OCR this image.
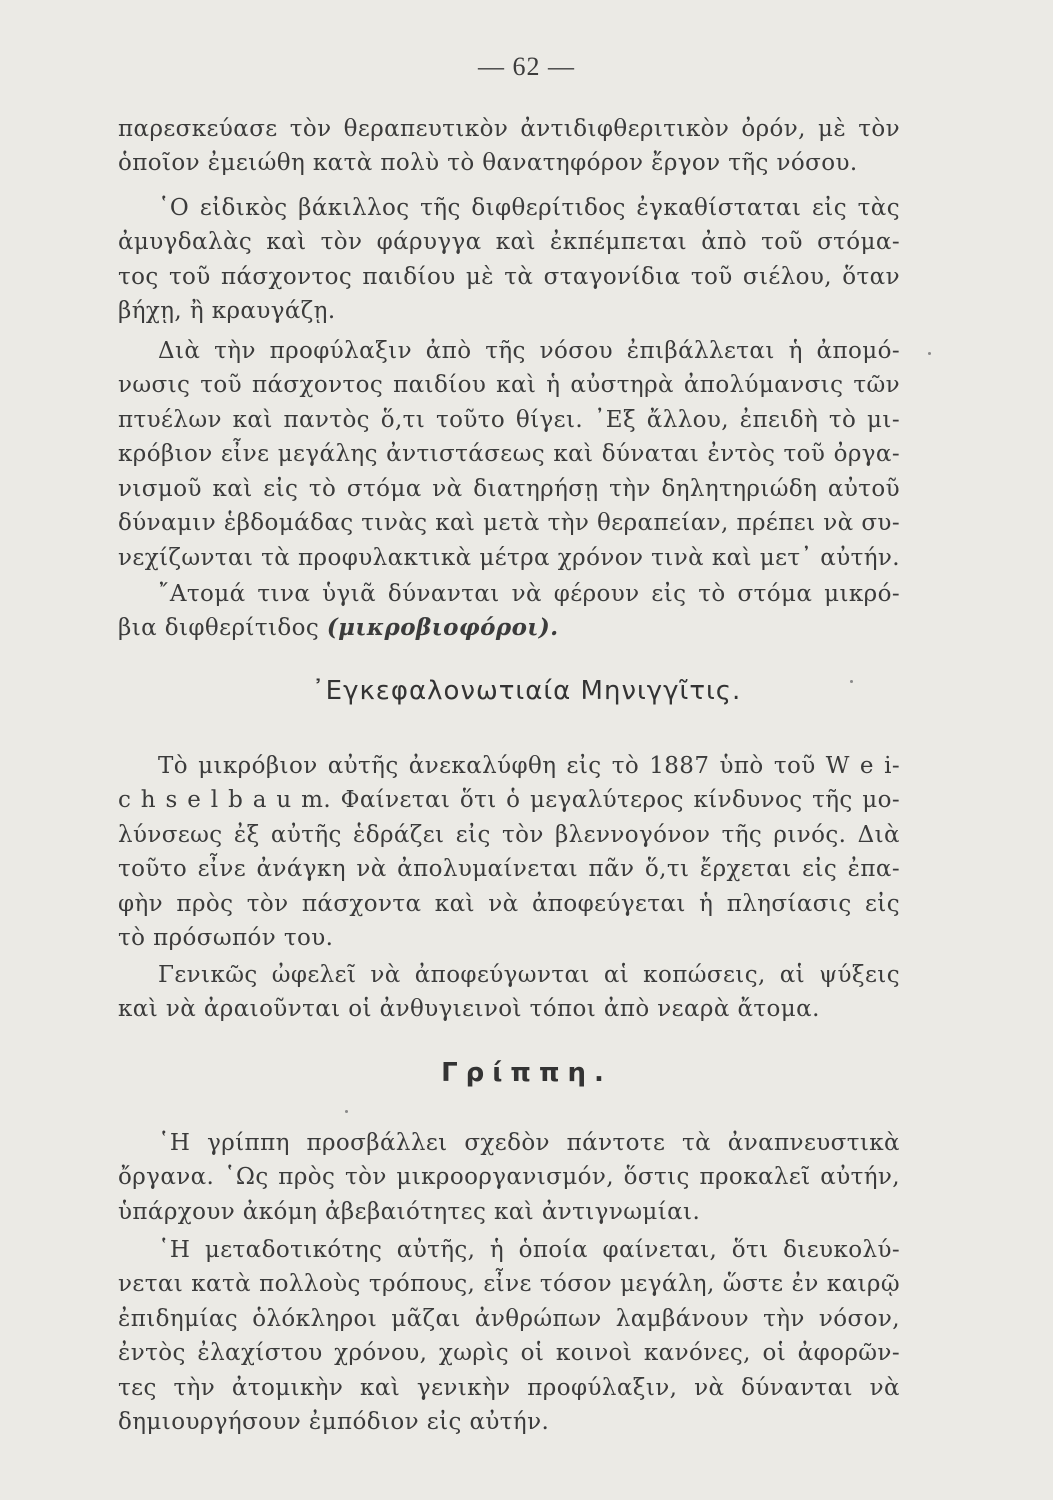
— 62 —
παρεσκεύασε τὸν θεραπευτικὸν ἀντιδιφθεριτικὸν ὀρόν, μὲ τὸν
ὁποῖον ἐμειώθη κατὰ πολὺ τὸ θανατηφόρον ἔργον τῆς νόσου.
῾Ο εἰδικὸς βάκιλλος τῆς διφθερίτιδος ἐγκαθίσταται εἰς τὰς
ἀμυγδαλὰς καὶ τὸν φάρυγγα καὶ ἐκπέμπεται ἀπὸ τοῦ στόμα-
τος τοῦ πάσχοντος παιδίου μὲ τὰ σταγονίδια τοῦ σιέλου, ὅταν
βήχῃ, ἢ κραυγάζῃ.
Διὰ τὴν προφύλαξιν ἀπὸ τῆς νόσου ἐπιβάλλεται ἡ ἀπομό-
νωσις τοῦ πάσχοντος παιδίου καὶ ἡ αὐστηρὰ ἀπολύμανσις τῶν
πτυέλων καὶ παντὸς ὅ,τι τοῦτο θίγει. ᾿Εξ ἄλλου, ἐπειδὴ τὸ μι-
κρόβιον εἶνε μεγάλης ἀντιστάσεως καὶ δύναται ἐντὸς τοῦ ὀργα-
νισμοῦ καὶ εἰς τὸ στόμα νὰ διατηρήσῃ τὴν δηλητηριώδη αὐτοῦ
δύναμιν ἑβδομάδας τινὰς καὶ μετὰ τὴν θεραπείαν, πρέπει νὰ συ-
νεχίζωνται τὰ προφυλακτικὰ μέτρα χρόνον τινὰ καὶ μετ᾿ αὐτήν.
῎Ατομά τινα ὑγιᾶ δύνανται νὰ φέρουν εἰς τὸ στόμα μικρό-
βια διφθερίτιδος (μικροβιοφόροι).
Τὸ μικρόβιον αὐτῆς ἀνεκαλύφθη εἰς τὸ 1887 ὑπὸ τοῦ W e i-
c h s e l b a u m. Φαίνεται ὅτι ὁ μεγαλύτερος κίνδυνος τῆς μο-
λύνσεως ἐξ αὐτῆς ἑδράζει εἰς τὸν βλεννογόνον τῆς ρινός. Διὰ
τοῦτο εἶνε ἀνάγκη νὰ ἀπολυμαίνεται πᾶν ὅ,τι ἔρχεται εἰς ἐπα-
φὴν πρὸς τὸν πάσχοντα καὶ νὰ ἀποφεύγεται ἡ πλησίασις εἰς
τὸ πρόσωπόν του.
Γενικῶς ὠφελεῖ νὰ ἀποφεύγωνται αἱ κοπώσεις, αἱ ψύξεις
καὶ νὰ ἀραιοῦνται οἱ ἀνθυγιεινοὶ τόποι ἀπὸ νεαρὰ ἄτομα.
῾Η γρίππη προσβάλλει σχεδὸν πάντοτε τὰ ἀναπνευστικὰ
ὄργανα. ῾Ως πρὸς τὸν μικροοργανισμόν, ὅστις προκαλεῖ αὐτήν,
ὑπάρχουν ἀκόμη ἀβεβαιότητες καὶ ἀντιγνωμίαι.
῾Η μεταδοτικότης αὐτῆς, ἡ ὁποία φαίνεται, ὅτι διευκολύ-
νεται κατὰ πολλοὺς τρόπους, εἶνε τόσον μεγάλη, ὥστε ἐν καιρῷ
ἐπιδημίας ὁλόκληροι μᾶζαι ἀνθρώπων λαμβάνουν τὴν νόσον,
ἐντὸς ἐλαχίστου χρόνου, χωρὶς οἱ κοινοὶ κανόνες, οἱ ἀφορῶν-
τες τὴν ἀτομικὴν καὶ γενικὴν προφύλαξιν, νὰ δύνανται νὰ
δημιουργήσουν ἐμπόδιον εἰς αὐτήν.
᾿Εγκεφαλονωτιαία Μηνιγγῖτις.
Γρίππη.
